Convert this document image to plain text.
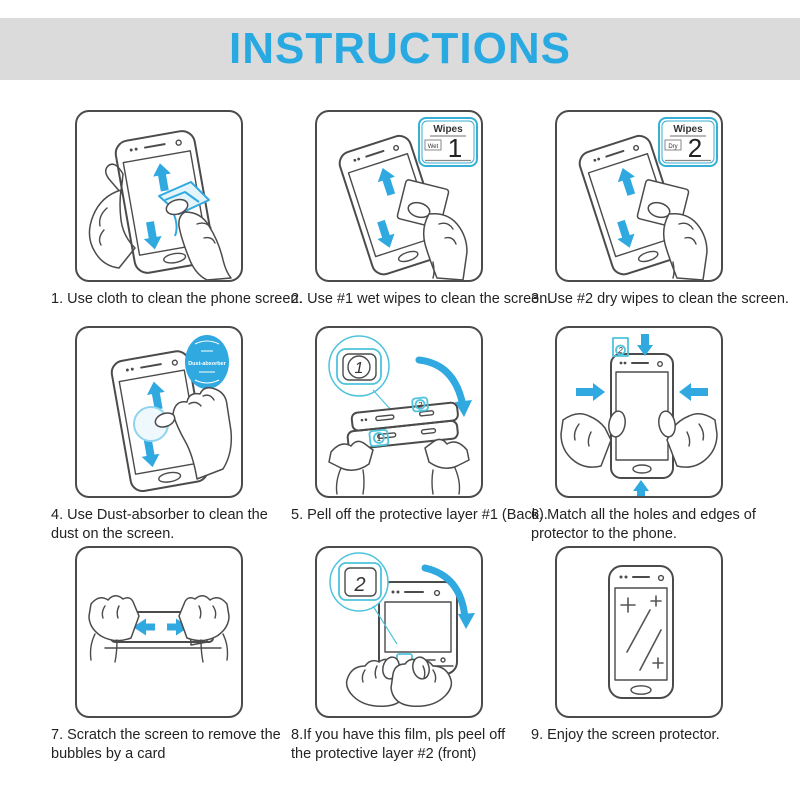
INSTRUCTIONS
1. Use cloth to clean the phone screen.
Wipes
Wet 1
2. Use #1 wet wipes to clean the screen.
Wipes
Dry 2
3. Use #2 dry wipes to clean the screen.
Dust-absorber
4. Use Dust-absorber to clean the dust on the screen.
1
2
1
5. Pell off the protective layer #1 (Back).
2
6. Match all the holes and edges of protector to the phone.
7. Scratch the screen to remove the bubbles by a card
2
8.If you have this film, pls peel off the protective layer #2 (front)
9. Enjoy the screen protector.
